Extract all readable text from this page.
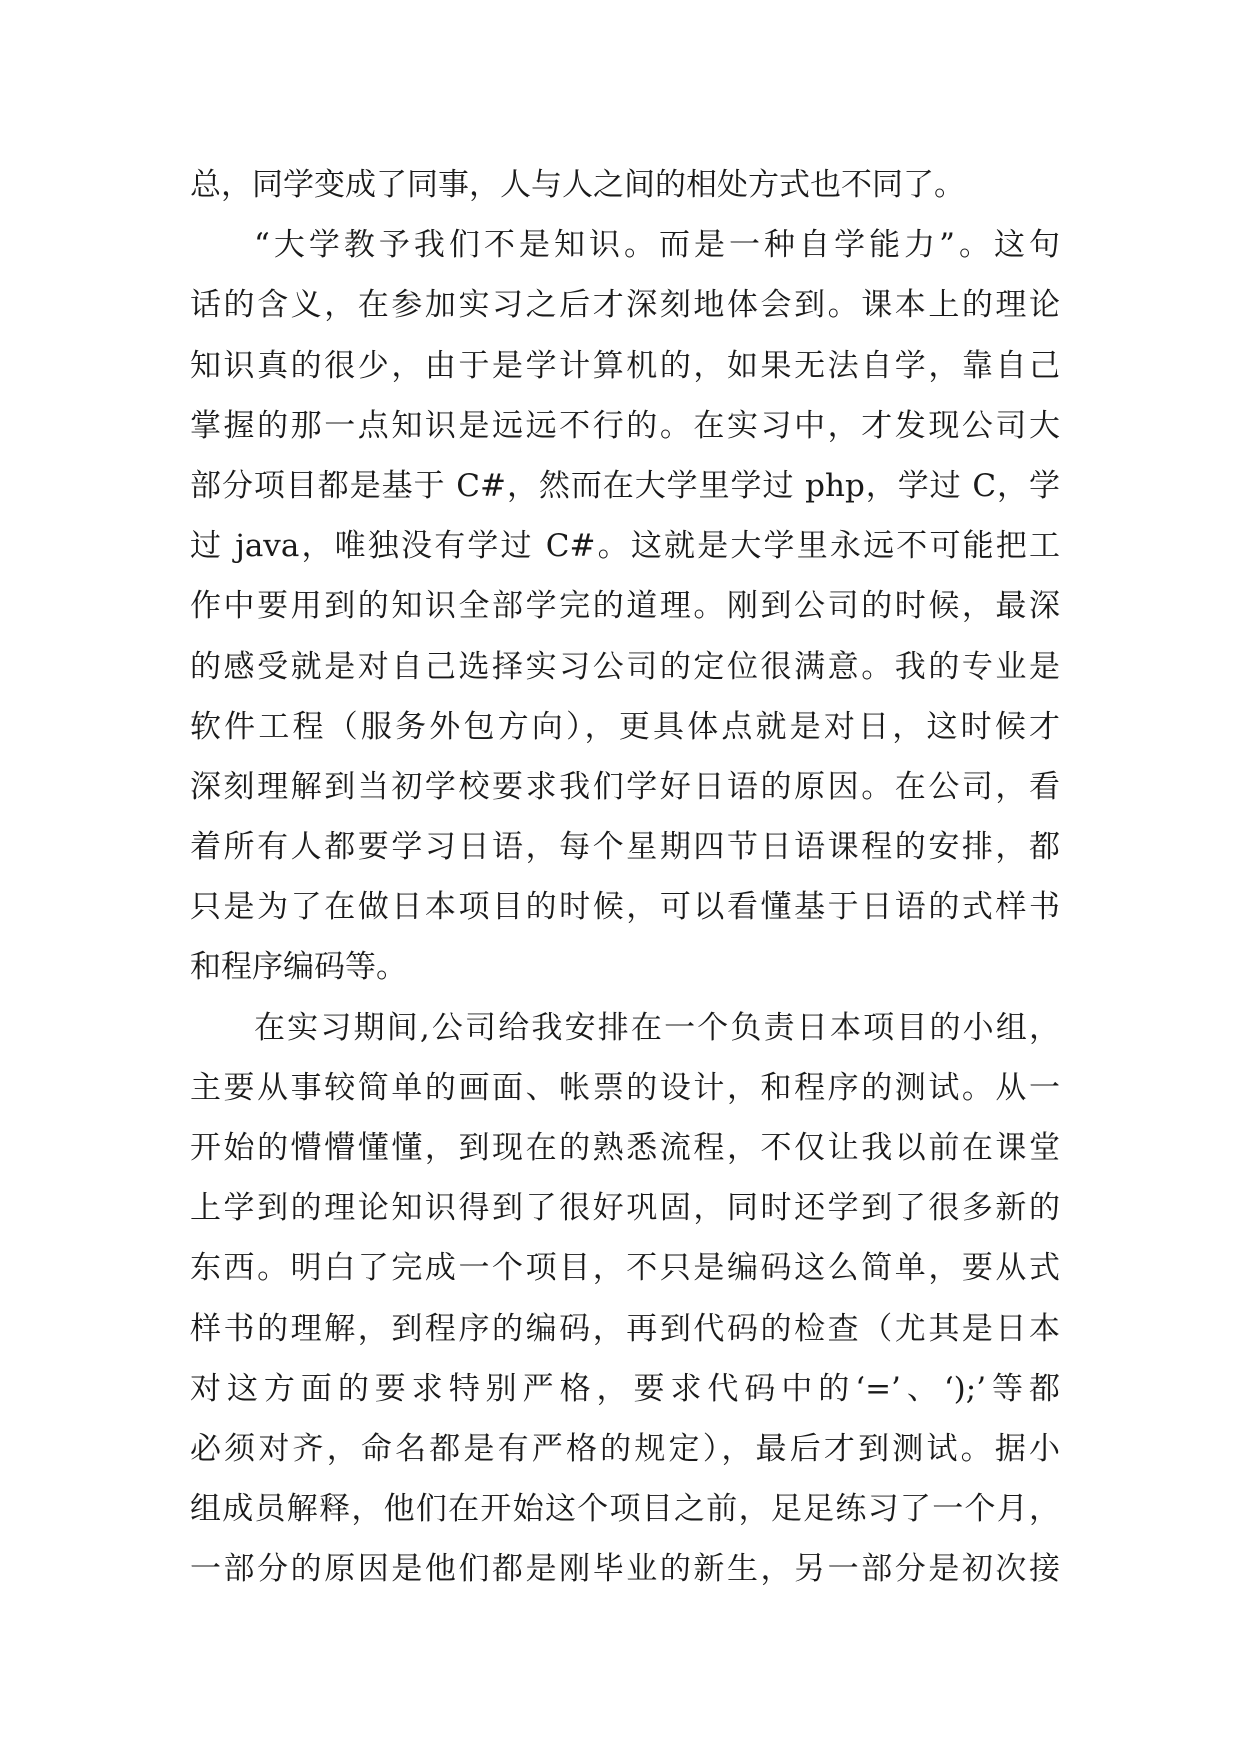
总，同学变成了同事，人与人之间的相处方式也不同了。
“大学教予我们不是知识。而是一种自学能力”。这句
话的含义，在参加实习之后才深刻地体会到。课本上的理论
知识真的很少，由于是学计算机的，如果无法自学，靠自己
掌握的那一点知识是远远不行的。在实习中，才发现公司大
部分项目都是基于 C#，然而在大学里学过 php，学过 C，学
过 java，唯独没有学过 C#。这就是大学里永远不可能把工
作中要用到的知识全部学完的道理。刚到公司的时候，最深
的感受就是对自己选择实习公司的定位很满意。我的专业是
软件工程（服务外包方向），更具体点就是对日，这时候才
深刻理解到当初学校要求我们学好日语的原因。在公司，看
着所有人都要学习日语，每个星期四节日语课程的安排，都
只是为了在做日本项目的时候，可以看懂基于日语的式样书
和程序编码等。
在实习期间,公司给我安排在一个负责日本项目的小组，
主要从事较简单的画面、帐票的设计，和程序的测试。从一
开始的懵懵懂懂，到现在的熟悉流程，不仅让我以前在课堂
上学到的理论知识得到了很好巩固，同时还学到了很多新的
东西。明白了完成一个项目，不只是编码这么简单，要从式
样书的理解，到程序的编码，再到代码的检查（尤其是日本
对这方面的要求特别严格，要求代码中的‘=’、‘);’等都
必须对齐，命名都是有严格的规定），最后才到测试。据小
组成员解释，他们在开始这个项目之前，足足练习了一个月，
一部分的原因是他们都是刚毕业的新生，另一部分是初次接
